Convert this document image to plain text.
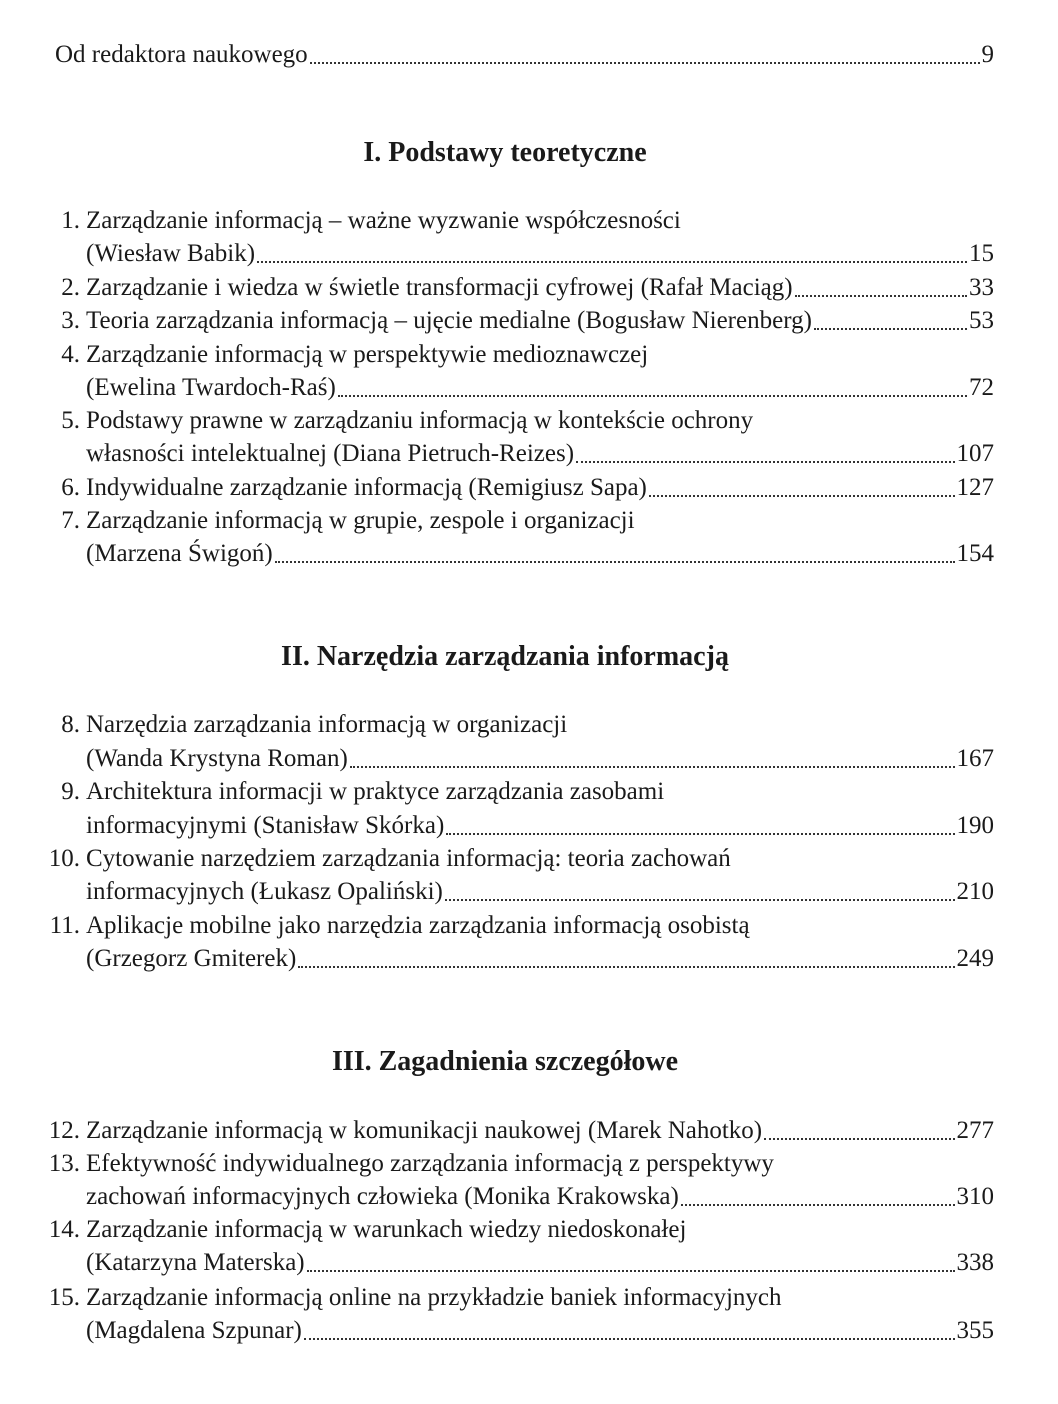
Od redaktora naukowego	9
I. Podstawy teoretyczne
1. Zarządzanie informacją – ważne wyzwanie współczesności
(Wiesław Babik)	15
2. Zarządzanie i wiedza w świetle transformacji cyfrowej (Rafał Maciąg)	33
3. Teoria zarządzania informacją – ujęcie medialne (Bogusław Nierenberg)	53
4. Zarządzanie informacją w perspektywie medioznawczej
(Ewelina Twardoch-Raś)	72
5. Podstawy prawne w zarządzaniu informacją w kontekście ochrony
własności intelektualnej (Diana Pietruch-Reizes)	107
6. Indywidualne zarządzanie informacją (Remigiusz Sapa)	127
7. Zarządzanie informacją w grupie, zespole i organizacji
(Marzena Świgoń)	154
II. Narzędzia zarządzania informacją
8. Narzędzia zarządzania informacją w organizacji
(Wanda Krystyna Roman)	167
9. Architektura informacji w praktyce zarządzania zasobami
informacyjnymi (Stanisław Skórka)	190
10. Cytowanie narzędziem zarządzania informacją: teoria zachowań
informacyjnych (Łukasz Opaliński)	210
11. Aplikacje mobilne jako narzędzia zarządzania informacją osobistą
(Grzegorz Gmiterek)	249
III. Zagadnienia szczegółowe
12. Zarządzanie informacją w komunikacji naukowej (Marek Nahotko)	277
13. Efektywność indywidualnego zarządzania informacją z perspektywy
zachowań informacyjnych człowieka (Monika Krakowska)	310
14. Zarządzanie informacją w warunkach wiedzy niedoskonałej
(Katarzyna Materska)	338
15. Zarządzanie informacją online na przykładzie baniek informacyjnych
(Magdalena Szpunar)	355
